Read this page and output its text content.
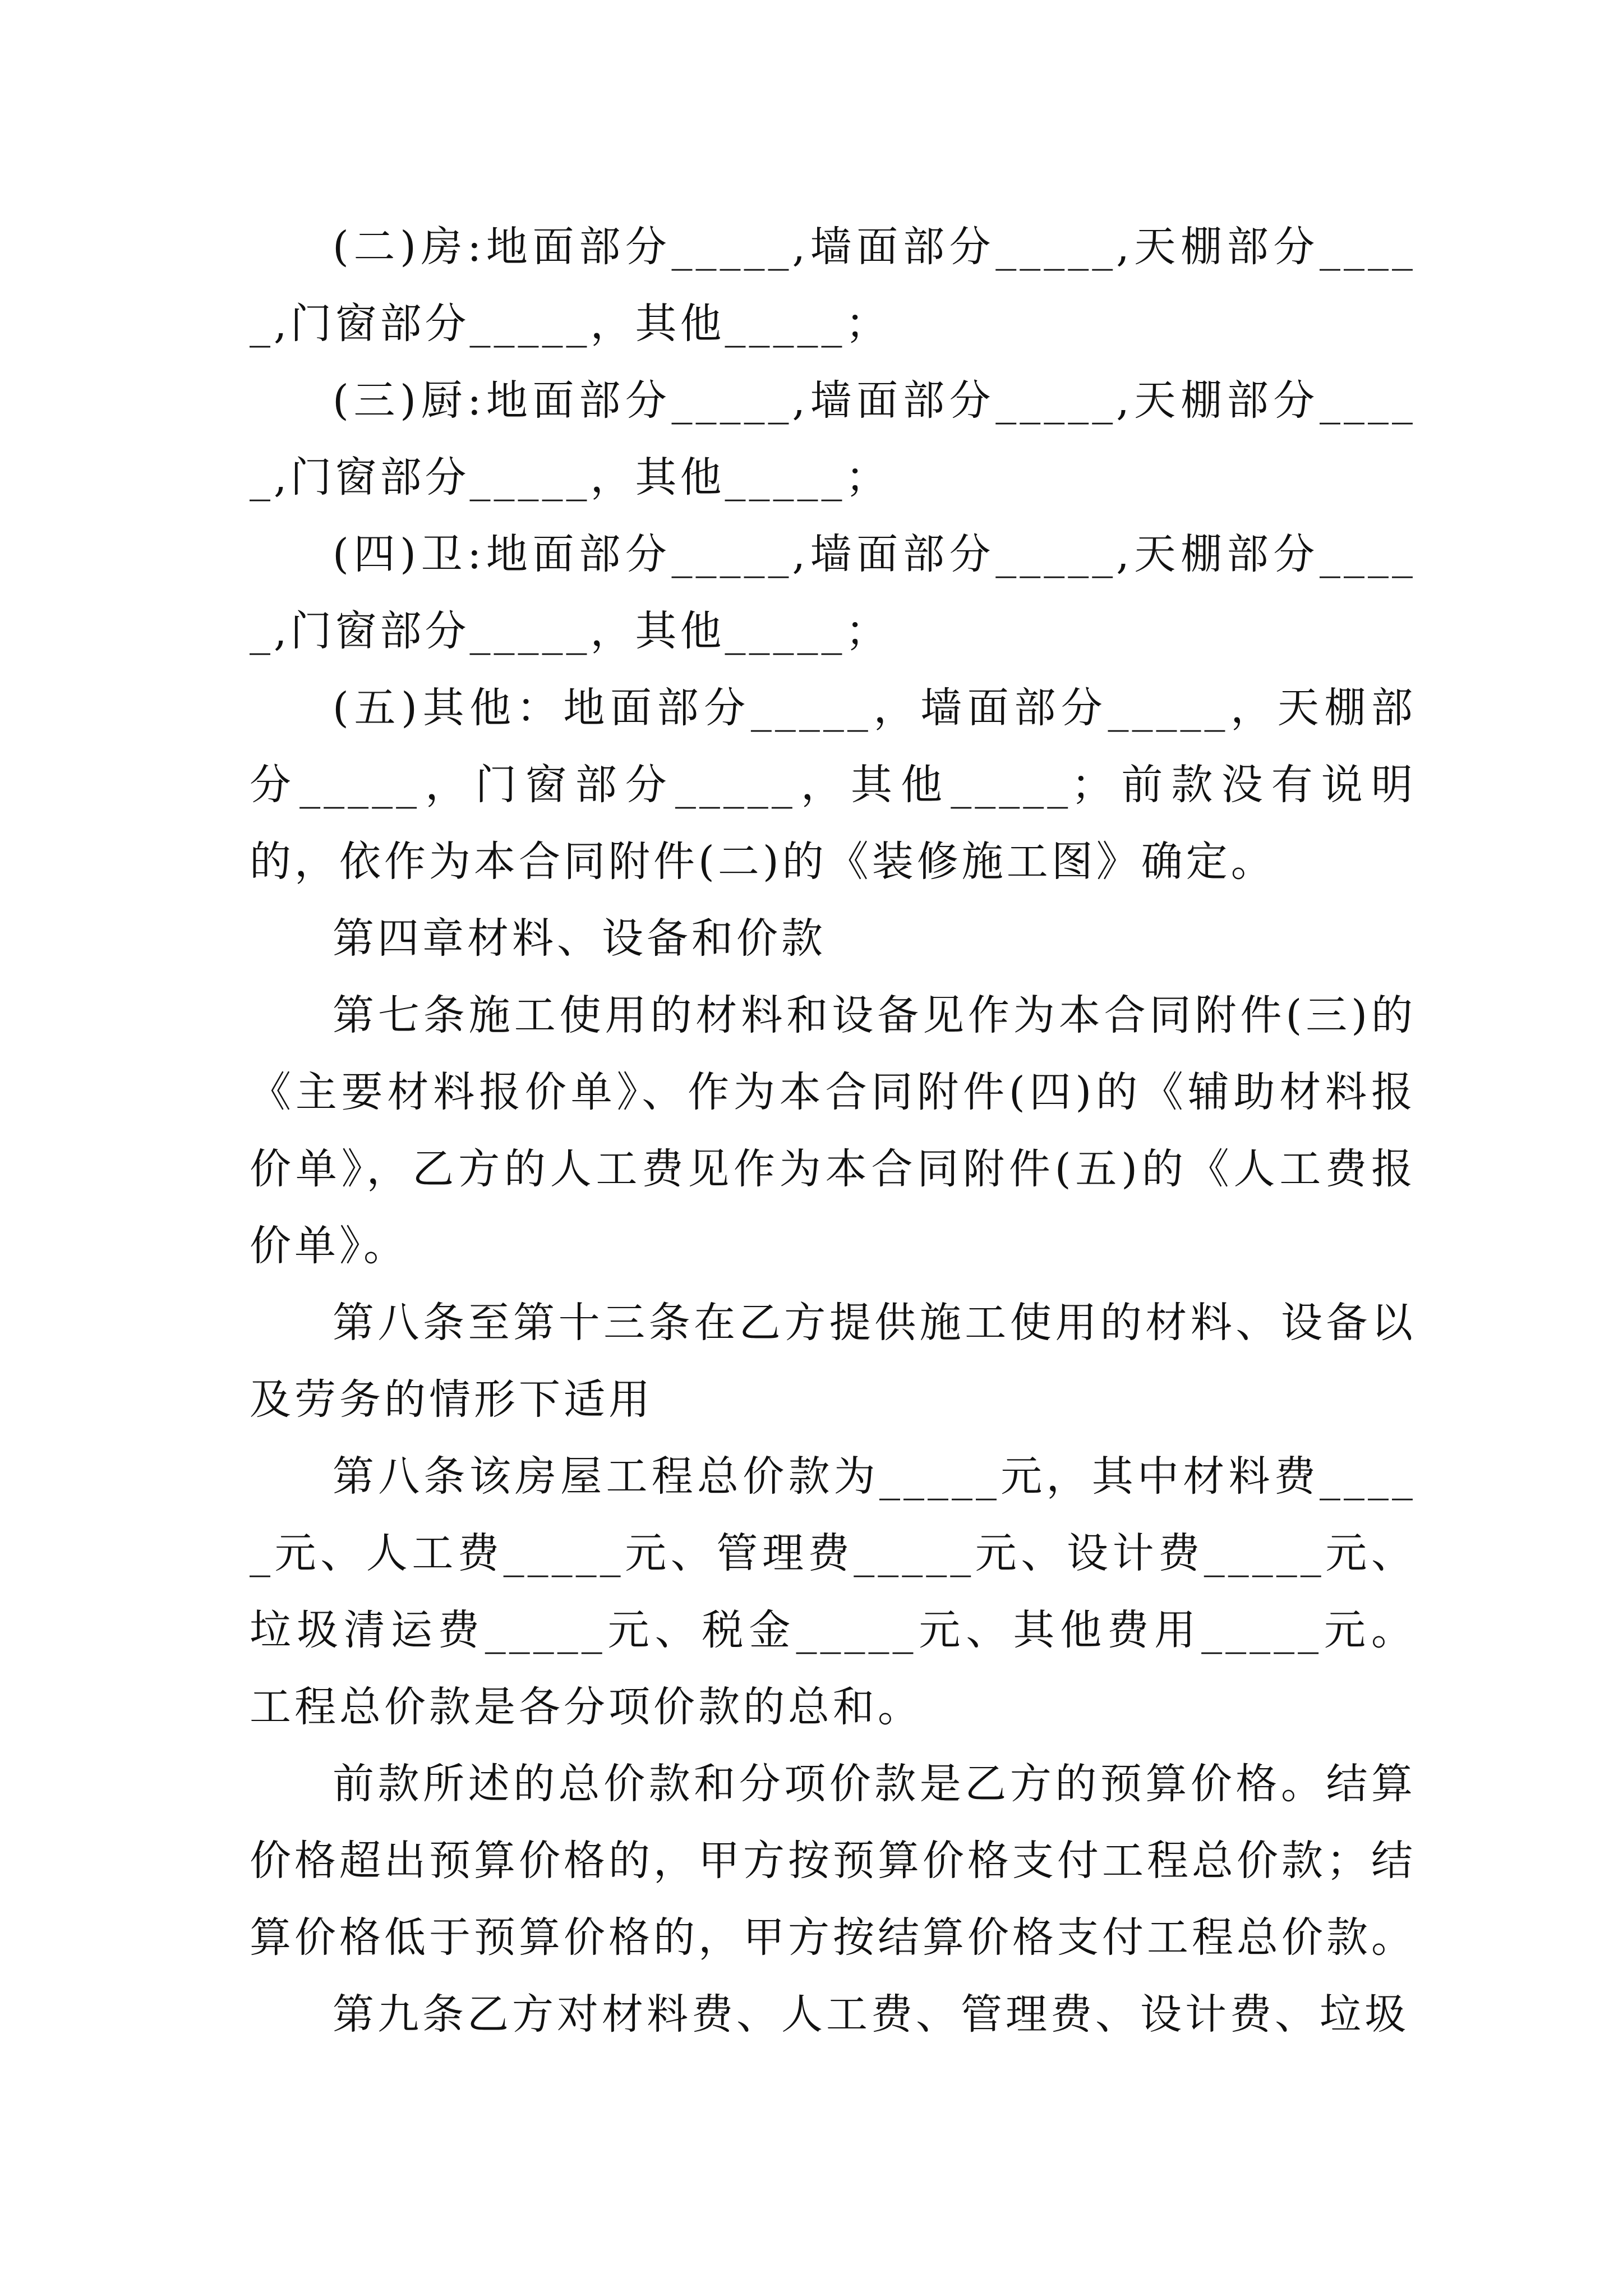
(二)房:地面部分_____,墙面部分_____,天棚部分_____,门窗部分_____，其他_____；

(三)厨:地面部分_____,墙面部分_____,天棚部分_____,门窗部分_____，其他_____；

(四)卫:地面部分_____,墙面部分_____,天棚部分_____,门窗部分_____，其他_____；

(五)其他：地面部分_____，墙面部分_____，天棚部分_____，门窗部分_____，其他_____；前款没有说明的，依作为本合同附件(二)的《装修施工图》确定。

第四章材料、设备和价款

第七条施工使用的材料和设备见作为本合同附件(三)的《主要材料报价单》、作为本合同附件(四)的《辅助材料报价单》，乙方的人工费见作为本合同附件(五)的《人工费报价单》。

第八条至第十三条在乙方提供施工使用的材料、设备以及劳务的情形下适用

第八条该房屋工程总价款为_____元，其中材料费_____元、人工费_____元、管理费_____元、设计费_____元、垃圾清运费_____元、税金_____元、其他费用_____元。工程总价款是各分项价款的总和。

前款所述的总价款和分项价款是乙方的预算价格。结算价格超出预算价格的，甲方按预算价格支付工程总价款；结算价格低于预算价格的，甲方按结算价格支付工程总价款。

第九条乙方对材料费、人工费、管理费、设计费、垃圾
